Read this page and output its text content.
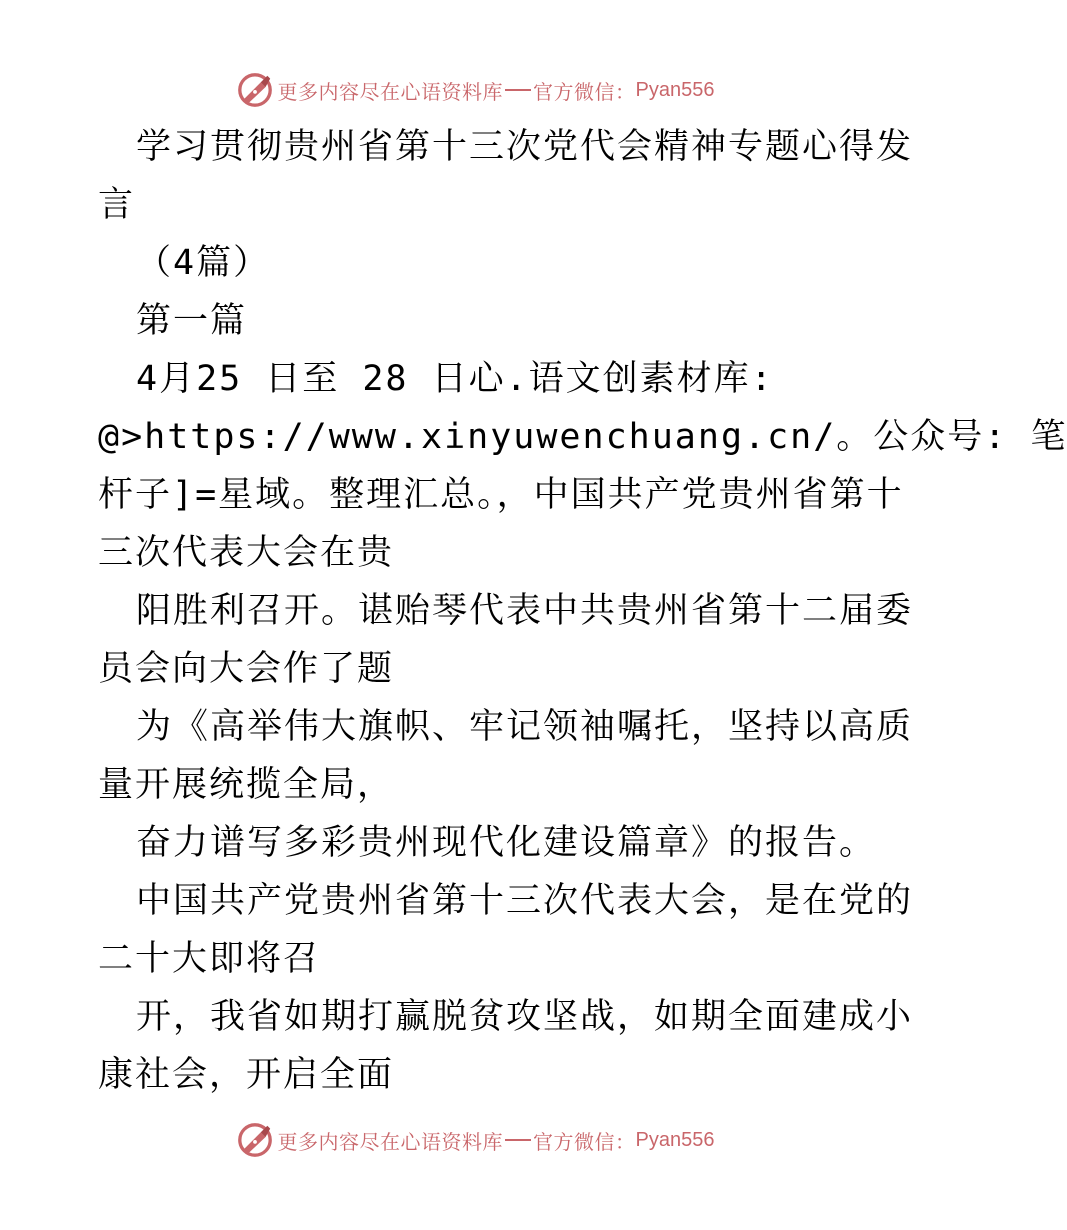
更多内容尽在心语资料库 官方微信： Pyan556
学习贯彻贵州省第十三次党代会精神专题心得发
言
（4篇）
第一篇
4月25 日至 28 日心.语文创素材库:
@>https://www.xinyuwenchuang.cn/。公众号: 笔
杆子]=星域。整理汇总。，中国共产党贵州省第十
三次代表大会在贵
阳胜利召开。谌贻琴代表中共贵州省第十二届委
员会向大会作了题
为《高举伟大旗帜、牢记领袖嘱托，坚持以高质
量开展统揽全局，
奋力谱写多彩贵州现代化建设篇章》的报告。
中国共产党贵州省第十三次代表大会，是在党的
二十大即将召
开，我省如期打赢脱贫攻坚战，如期全面建成小
康社会，开启全面
更多内容尽在心语资料库 官方微信： Pyan556
